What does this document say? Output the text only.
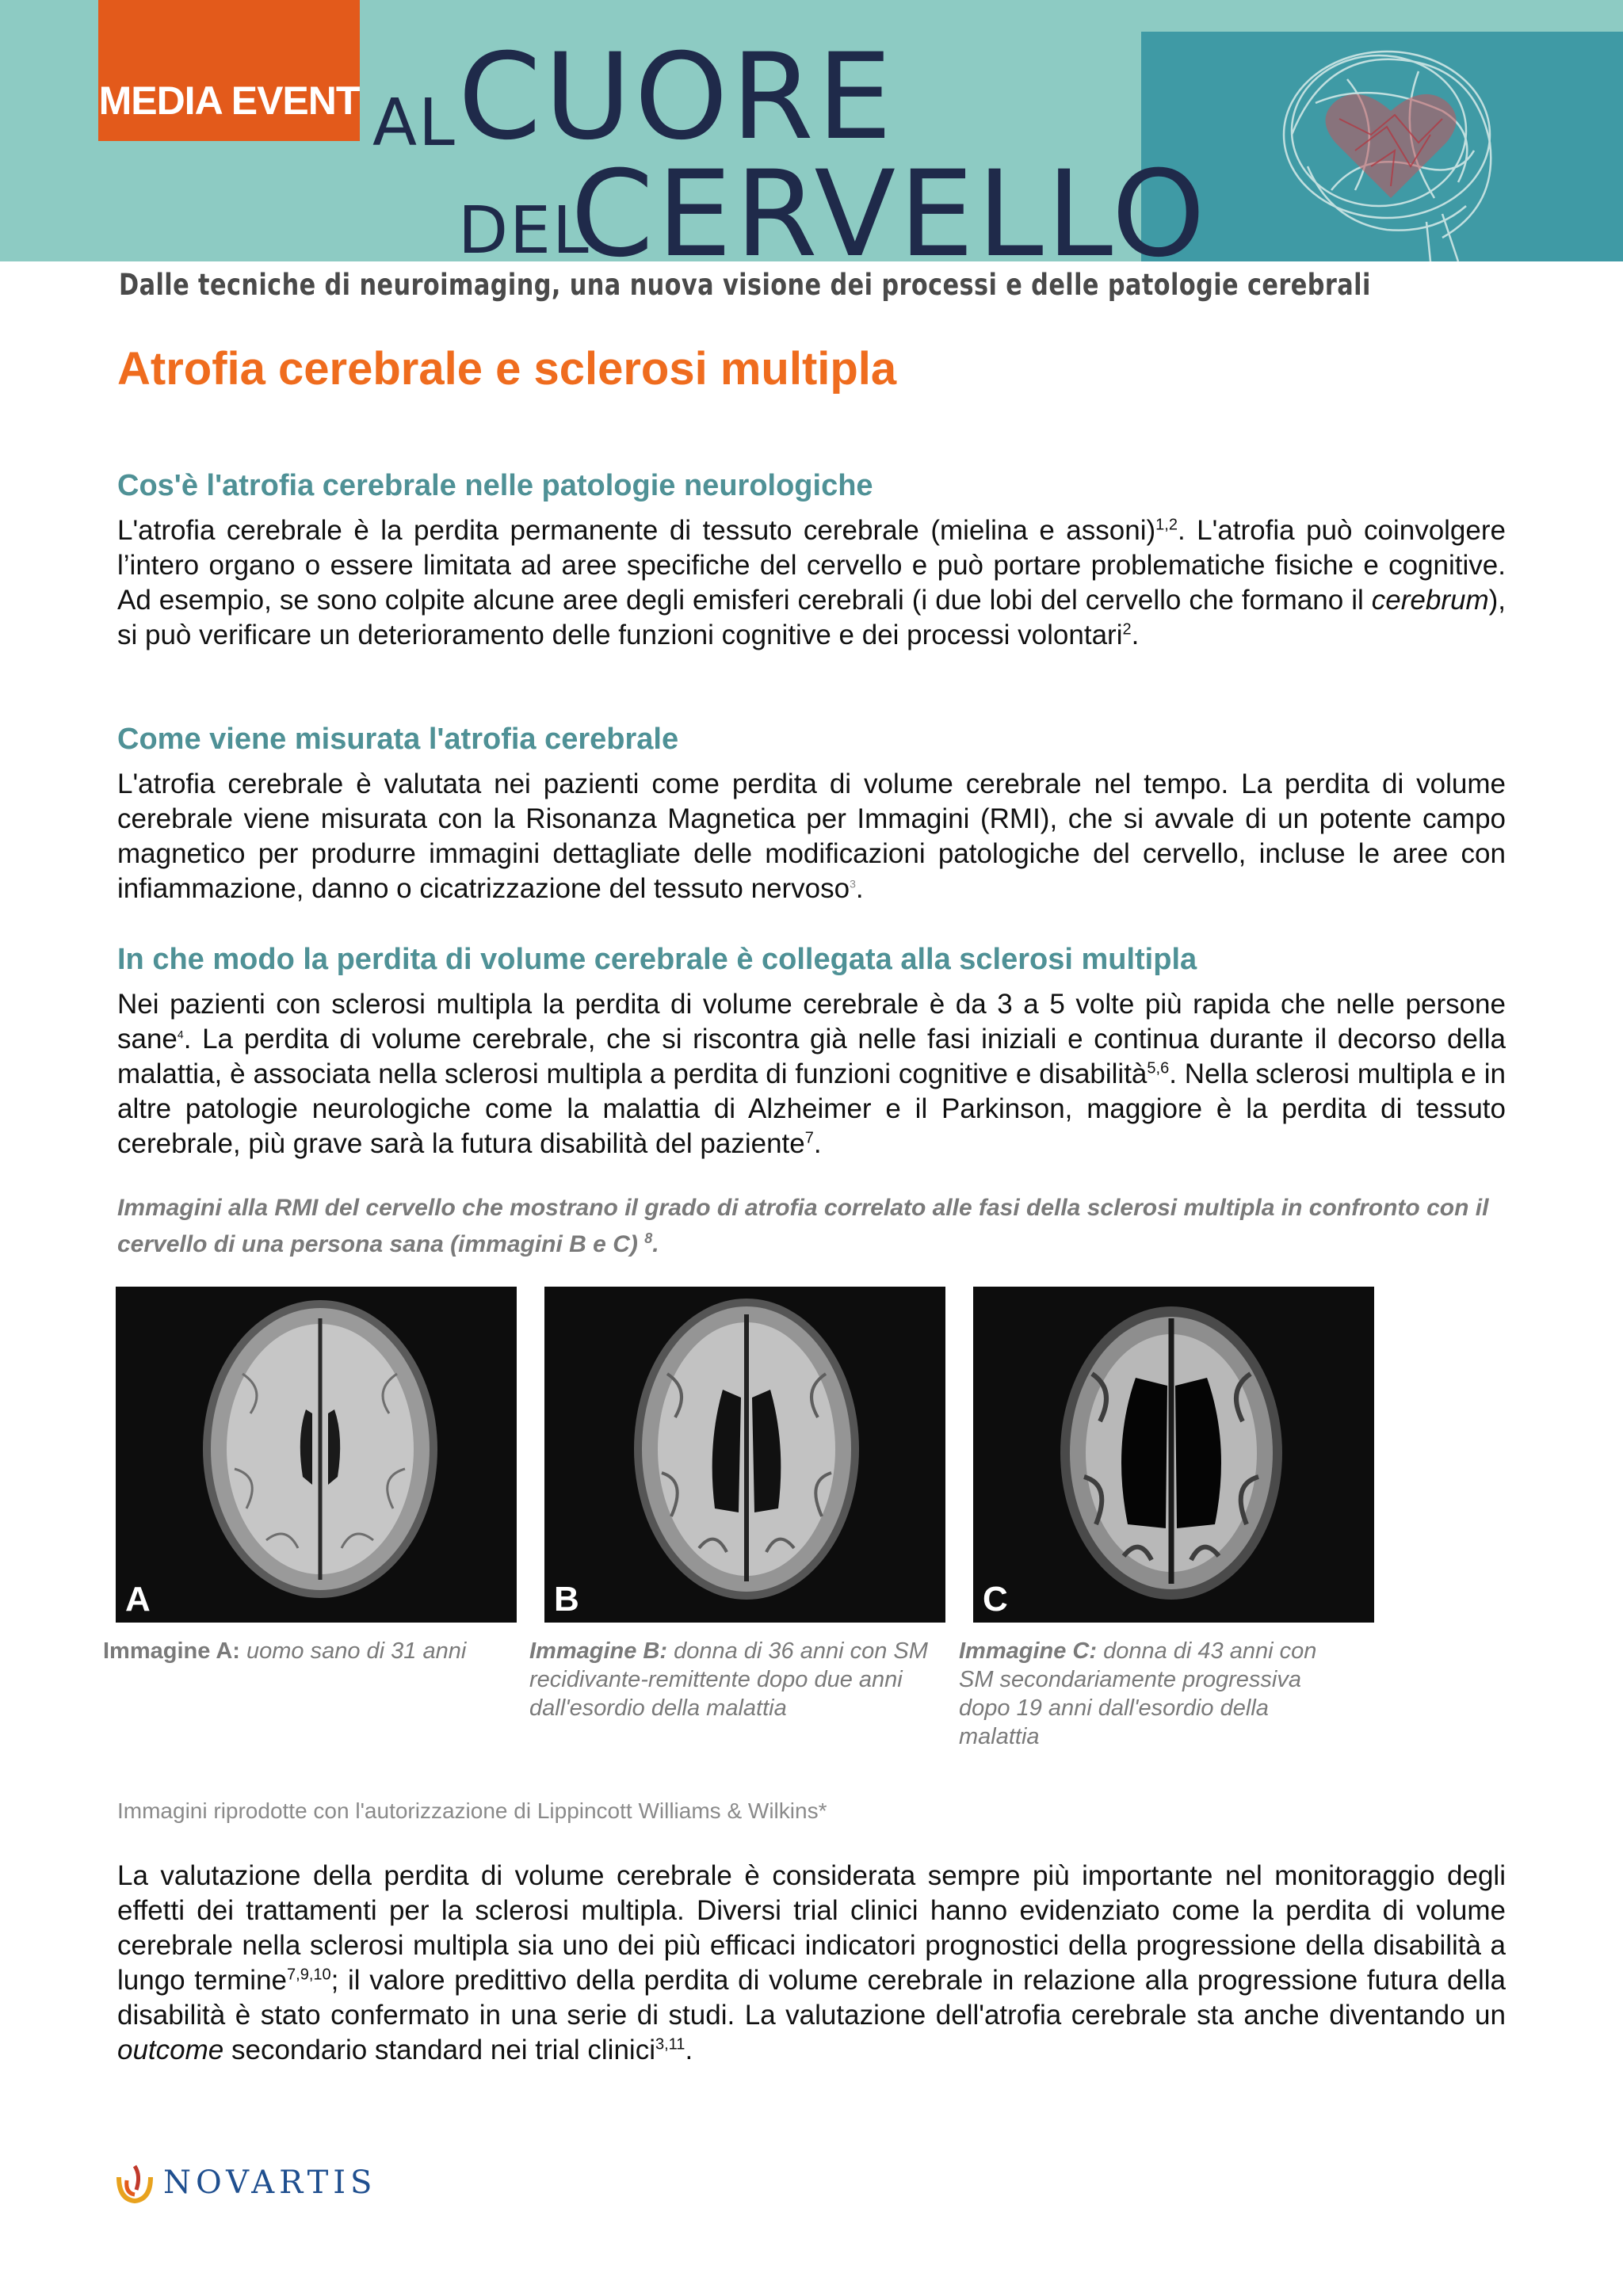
MEDIA EVENT AL CUORE
DEL
CERVELLO
Dalle tecniche di neuroimaging, una nuova visione dei processi e delle patologie cerebrali
Atrofia cerebrale e sclerosi multipla
Cos'è l'atrofia cerebrale nelle patologie neurologiche
L'atrofia cerebrale è la perdita permanente di tessuto cerebrale (mielina e assoni)$^{1,2}$. L'atrofia può coinvolgere l’intero organo o essere limitata ad aree specifiche del cervello e può portare problematiche fisiche e cognitive. Ad esempio, se sono colpite alcune aree degli emisferi cerebrali (i due lobi del cervello che formano il cerebrum), si può verificare un deterioramento delle funzioni cognitive e dei processi volontari$^2$.
Come viene misurata l'atrofia cerebrale
L'atrofia cerebrale è valutata nei pazienti come perdita di volume cerebrale nel tempo. La perdita di volume cerebrale viene misurata con la Risonanza Magnetica per Immagini (RMI), che si avvale di un potente campo magnetico per produrre immagini dettagliate delle modificazioni patologiche del cervello, incluse le aree con infiammazione, danno o cicatrizzazione del tessuto nervoso$^3$.
In che modo la perdita di volume cerebrale è collegata alla sclerosi multipla
Nei pazienti con sclerosi multipla la perdita di volume cerebrale è da 3 a 5 volte più rapida che nelle persone sane$^4$. La perdita di volume cerebrale, che si riscontra già nelle fasi iniziali e continua durante il decorso della malattia, è associata nella sclerosi multipla a perdita di funzioni cognitive e disabilità$^{5,6}$. Nella sclerosi multipla e in altre patologie neurologiche come la malattia di Alzheimer e il Parkinson, maggiore è la perdita di tessuto cerebrale, più grave sarà la futura disabilità del paziente$^7$.
Immagini alla RMI del cervello che mostrano il grado di atrofia correlato alle fasi della sclerosi multipla in confronto con il cervello di una persona sana (immagini B e C) $^8$.
A	B	C
Immagine A: uomo sano di 31 anni	Immagine B: donna di 36 anni con SM recidivante-remittente dopo due anni dall'esordio della malattia
Immagine C: donna di 43 anni con SM secondariamente progressiva dopo 19 anni dall'esordio della malattia
Immagini riprodotte con l'autorizzazione di Lippincott Williams & Wilkins*
La valutazione della perdita di volume cerebrale è considerata sempre più importante nel monitoraggio degli effetti dei trattamenti per la sclerosi multipla. Diversi trial clinici hanno evidenziato come la perdita di volume cerebrale nella sclerosi multipla sia uno dei più efficaci indicatori prognostici della progressione della disabilità a lungo termine$^{7,9,10}$; il valore predittivo della perdita di volume cerebrale in relazione alla progressione futura della disabilità è stato confermato in una serie di studi. La valutazione dell'atrofia cerebrale sta anche diventando un outcome secondario standard nei trial clinici$^{3,11}$.
NOVARTIS
